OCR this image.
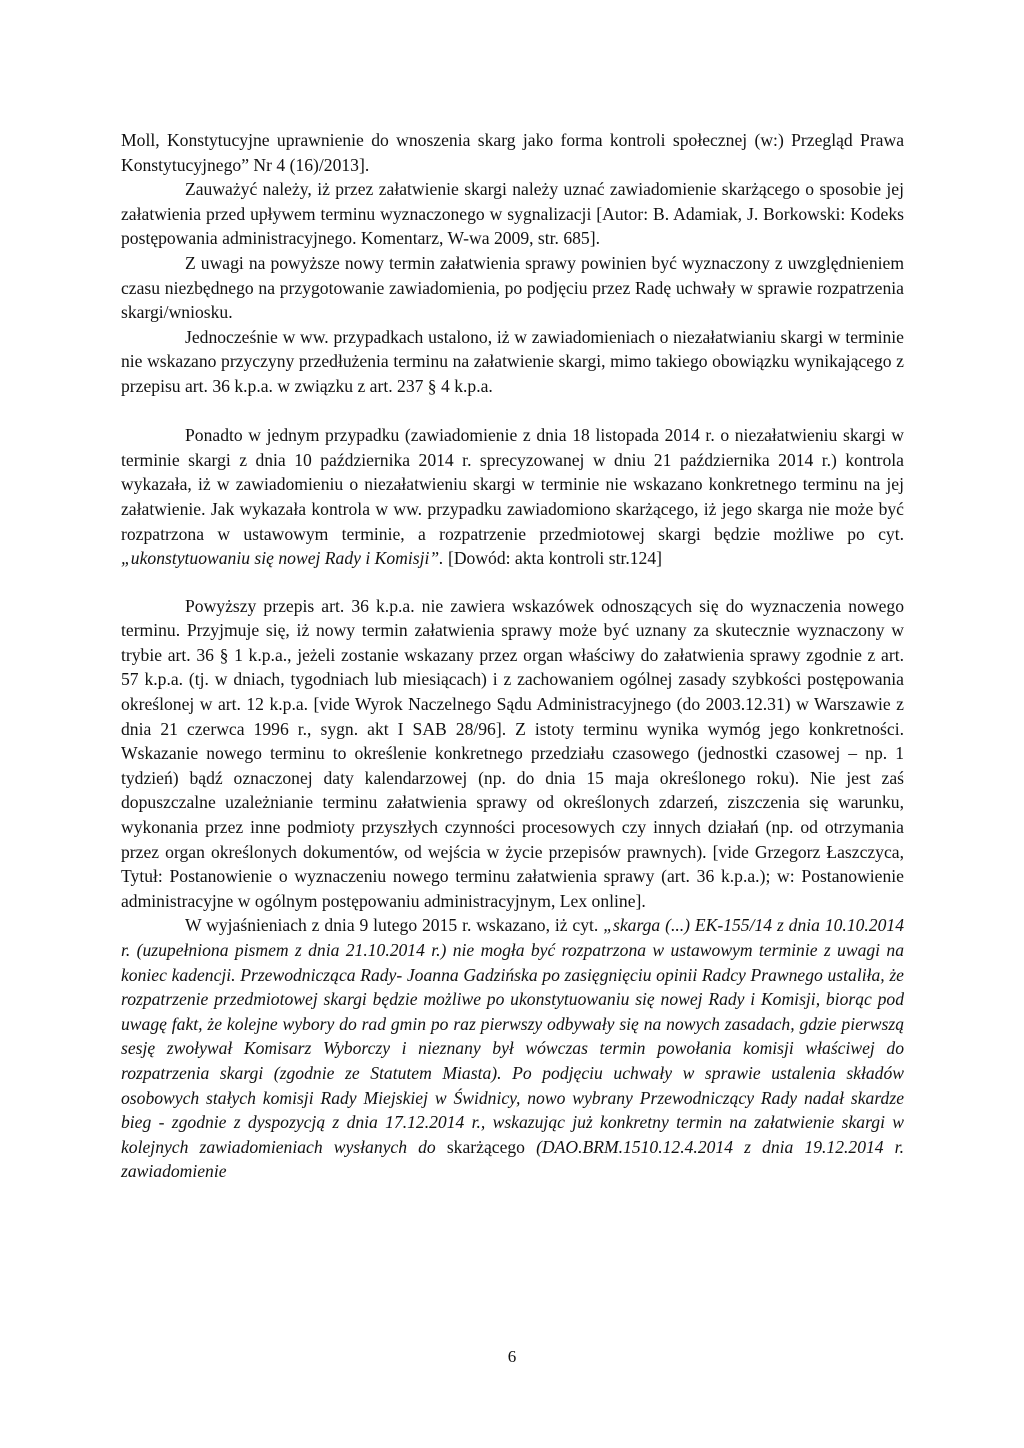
Moll, Konstytucyjne uprawnienie do wnoszenia skarg jako forma kontroli społecznej (w:) Przegląd Prawa Konstytucyjnego” Nr 4 (16)/2013].

Zauważyć należy, iż przez załatwienie skargi należy uznać zawiadomienie skarżącego o sposobie jej załatwienia przed upływem terminu wyznaczonego w sygnalizacji [Autor: B. Adamiak, J. Borkowski: Kodeks postępowania administracyjnego. Komentarz, W-wa 2009, str. 685].

Z uwagi na powyższe nowy termin załatwienia sprawy powinien być wyznaczony z uwzględnieniem czasu niezbędnego na przygotowanie zawiadomienia, po podjęciu przez Radę uchwały w sprawie rozpatrzenia skargi/wniosku.

Jednocześnie w ww. przypadkach ustalono, iż w zawiadomieniach o niezałatwianiu skargi w terminie nie wskazano przyczyny przedłużenia terminu na załatwienie skargi, mimo takiego obowiązku wynikającego z przepisu art. 36 k.p.a. w związku z art. 237 § 4 k.p.a.

Ponadto w jednym przypadku (zawiadomienie z dnia 18 listopada 2014 r. o niezałatwieniu skargi w terminie skargi z dnia 10 października 2014 r. sprecyzowanej w dniu 21 października 2014 r.) kontrola wykazała, iż w zawiadomieniu o niezałatwieniu skargi w terminie nie wskazano konkretnego terminu na jej załatwienie. Jak wykazała kontrola w ww. przypadku zawiadomiono skarżącego, iż jego skarga nie może być rozpatrzona w ustawowym terminie, a rozpatrzenie przedmiotowej skargi będzie możliwe po cyt. „ukonstytuowaniu się nowej Rady i Komisji”. [Dowód: akta kontroli str.124]

Powyższy przepis art. 36 k.p.a. nie zawiera wskazówek odnoszących się do wyznaczenia nowego terminu. Przyjmuje się, iż nowy termin załatwienia sprawy może być uznany za skutecznie wyznaczony w trybie art. 36 § 1 k.p.a., jeżeli zostanie wskazany przez organ właściwy do załatwienia sprawy zgodnie z art. 57 k.p.a. (tj. w dniach, tygodniach lub miesiącach) i z zachowaniem ogólnej zasady szybkości postępowania określonej w art. 12 k.p.a. [vide Wyrok Naczelnego Sądu Administracyjnego (do 2003.12.31) w Warszawie z dnia 21 czerwca 1996 r., sygn. akt I SAB 28/96]. Z istoty terminu wynika wymóg jego konkretności. Wskazanie nowego terminu to określenie konkretnego przedziału czasowego (jednostki czasowej – np. 1 tydzień) bądź oznaczonej daty kalendarzowej (np. do dnia 15 maja określonego roku). Nie jest zaś dopuszczalne uzależnianie terminu załatwienia sprawy od określonych zdarzeń, ziszczenia się warunku, wykonania przez inne podmioty przyszłych czynności procesowych czy innych działań (np. od otrzymania przez organ określonych dokumentów, od wejścia w życie przepisów prawnych). [vide Grzegorz Łaszczyca, Tytuł: Postanowienie o wyznaczeniu nowego terminu załatwienia sprawy (art. 36 k.p.a.); w: Postanowienie administracyjne w ogólnym postępowaniu administracyjnym, Lex online].

W wyjaśnieniach z dnia 9 lutego 2015 r. wskazano, iż cyt. „skarga (...) EK-155/14 z dnia 10.10.2014 r. (uzupełniona pismem z dnia 21.10.2014 r.) nie mogła być rozpatrzona w ustawowym terminie z uwagi na koniec kadencji. Przewodnicząca Rady- Joanna Gadzińska po zasięgnięciu opinii Radcy Prawnego ustaliła, że rozpatrzenie przedmiotowej skargi będzie możliwe po ukonstytuowaniu się nowej Rady i Komisji, biorąc pod uwagę fakt, że kolejne wybory do rad gmin po raz pierwszy odbywały się na nowych zasadach, gdzie pierwszą sesję zwoływał Komisarz Wyborczy i nieznany był wówczas termin powołania komisji właściwej do rozpatrzenia skargi (zgodnie ze Statutem Miasta). Po podjęciu uchwały w sprawie ustalenia składów osobowych stałych komisji Rady Miejskiej w Świdnicy, nowo wybrany Przewodniczący Rady nadał skardze bieg - zgodnie z dyspozycją z dnia 17.12.2014 r., wskazując już konkretny termin na załatwienie skargi w kolejnych zawiadomieniach wysłanych do skarżącego (DAO.BRM.1510.12.4.2014 z dnia 19.12.2014 r. zawiadomienie

6
